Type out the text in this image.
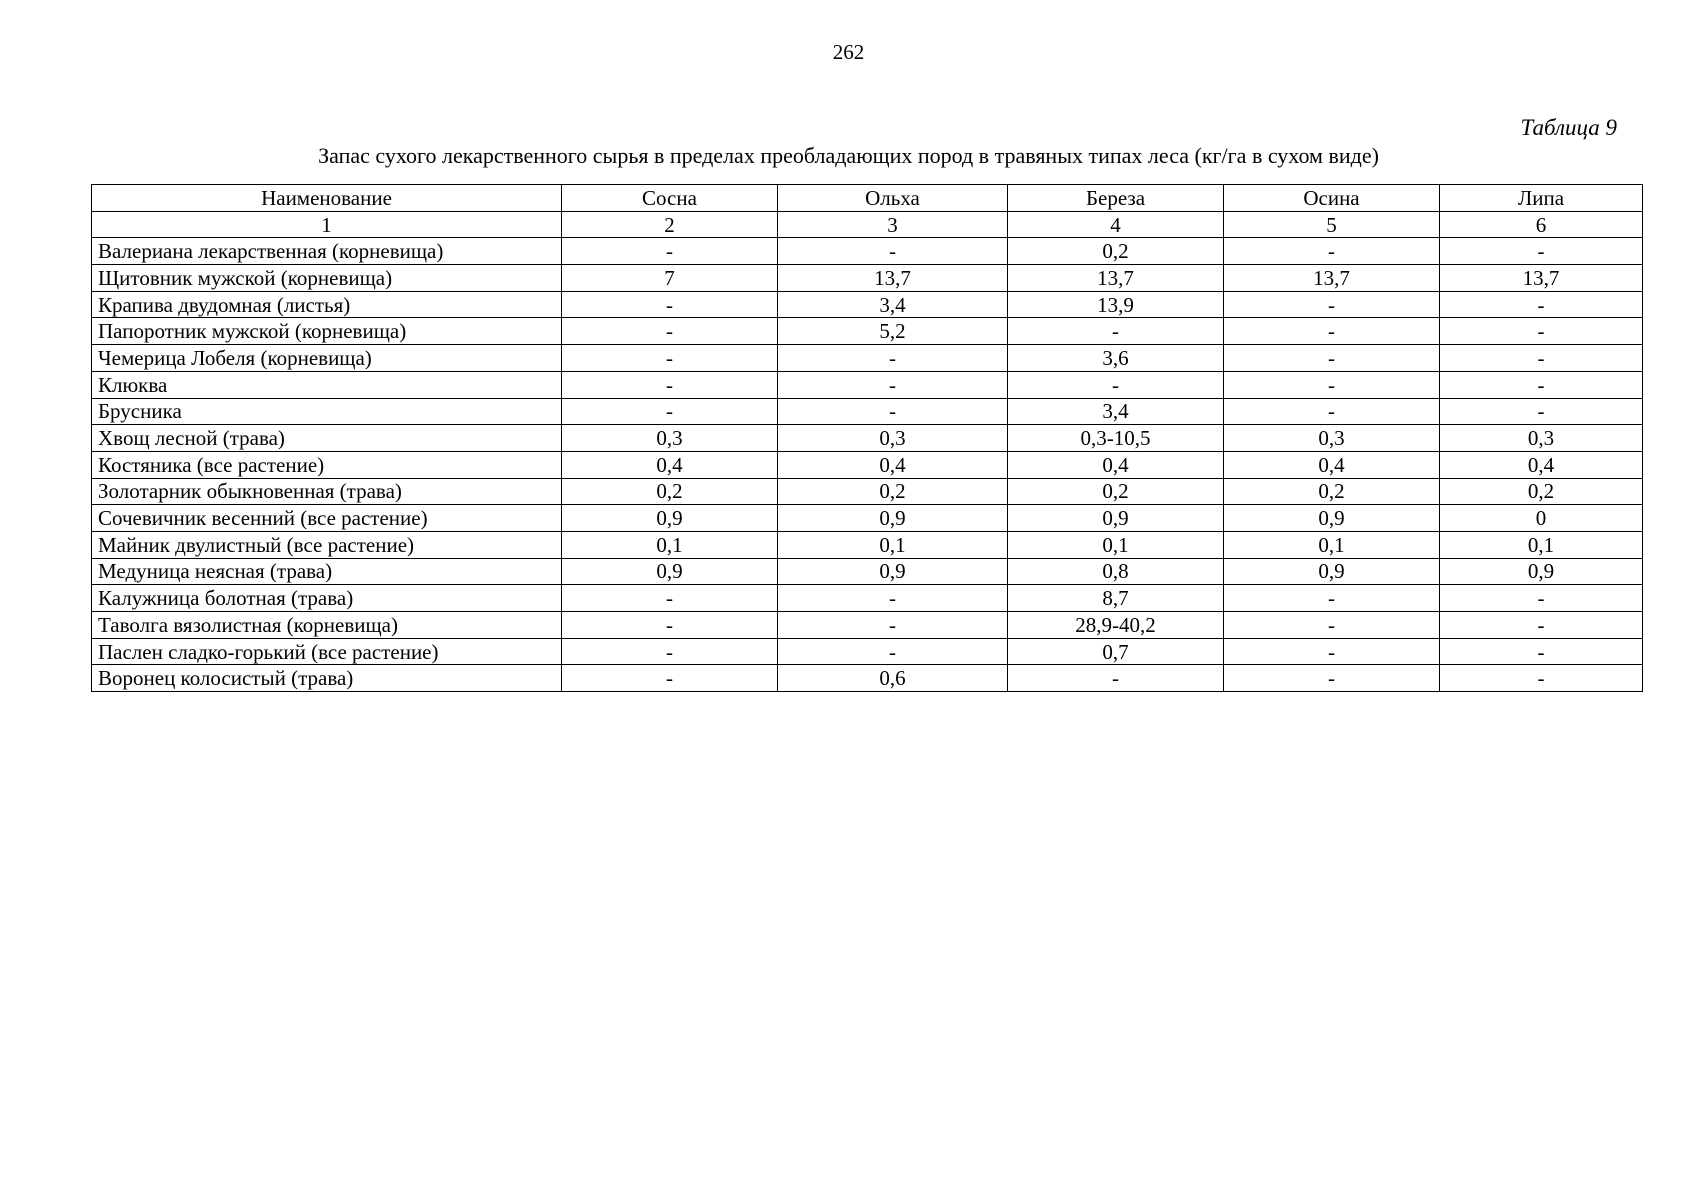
262
Таблица 9
Запас сухого лекарственного сырья в пределах преобладающих пород в травяных типах леса (кг/га в сухом виде)
Наименование	Сосна	Ольха	Береза	Осина	Липа
1	2	3	4	5	6
Валериана лекарственная (корневища)	-	-	0,2	-	-
Щитовник мужской (корневища)	7	13,7	13,7	13,7	13,7
Крапива двудомная (листья)	-	3,4	13,9	-	-
Папоротник мужской (корневища)	-	5,2	-	-	-
Чемерица Лобеля (корневища)	-	-	3,6	-	-
Клюква	-	-	-	-	-
Брусника	-	-	3,4	-	-
Хвощ лесной (трава)	0,3	0,3	0,3-10,5	0,3	0,3
Костяника (все растение)	0,4	0,4	0,4	0,4	0,4
Золотарник обыкновенная (трава)	0,2	0,2	0,2	0,2	0,2
Сочевичник весенний (все растение)	0,9	0,9	0,9	0,9	0
Майник двулистный (все растение)	0,1	0,1	0,1	0,1	0,1
Медуница неясная (трава)	0,9	0,9	0,8	0,9	0,9
Калужница болотная (трава)	-	-	8,7	-	-
Таволга вязолистная (корневища)	-	-	28,9-40,2	-	-
Паслен сладко-горький (все растение)	-	-	0,7	-	-
Воронец колосистый (трава)	-	0,6	-	-	-
